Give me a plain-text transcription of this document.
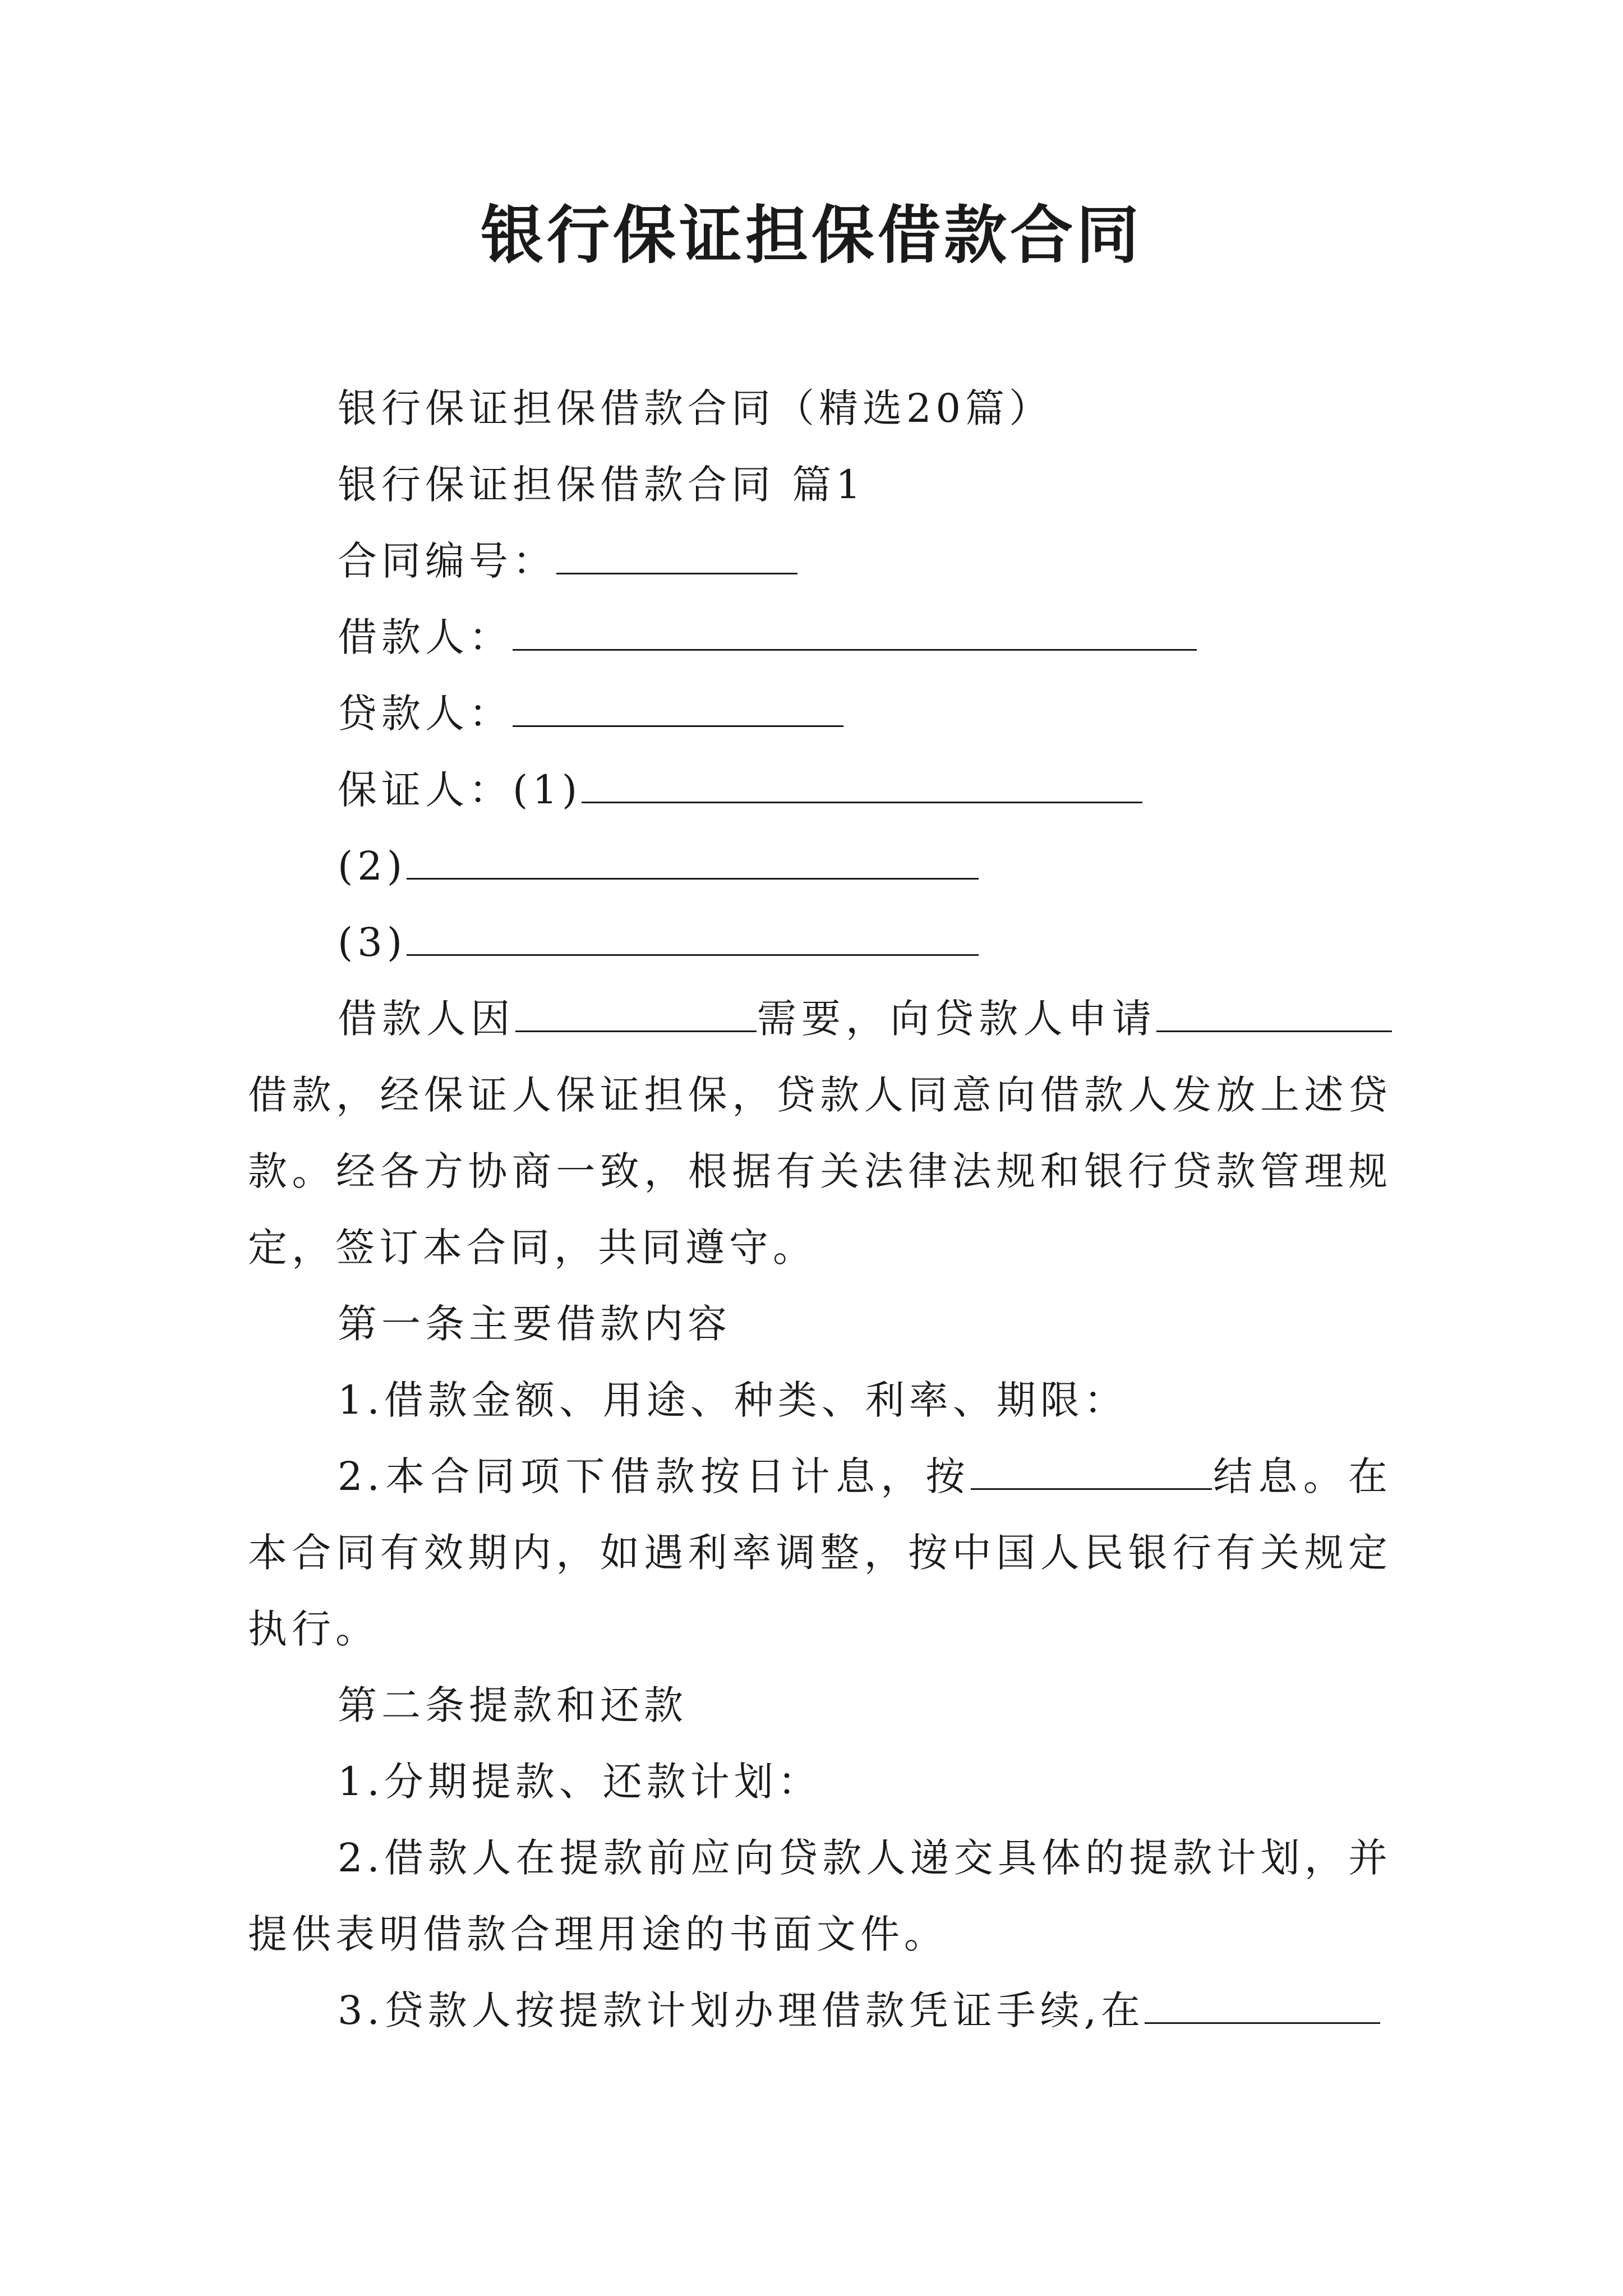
银行保证担保借款合同

银行保证担保借款合同（精选20篇）

银行保证担保借款合同 篇1

合同编号：

借款人：

贷款人：

保证人：(1)

(2)

(3)

借款人因	需要，向贷款人申请借款，经保证人保证担保，贷款人同意向借款人发放上述贷款。经各方协商一致，根据有关法律法规和银行贷款管理规定，签订本合同，共同遵守。

第一条主要借款内容

1.借款金额、用途、种类、利率、期限：

2.本合同项下借款按日计息，按	结息。在本合同有效期内，如遇利率调整，按中国人民银行有关规定执行。

第二条提款和还款

1.分期提款、还款计划：

2.借款人在提款前应向贷款人递交具体的提款计划，并提供表明借款合理用途的书面文件。

3.贷款人按提款计划办理借款凭证手续,在
